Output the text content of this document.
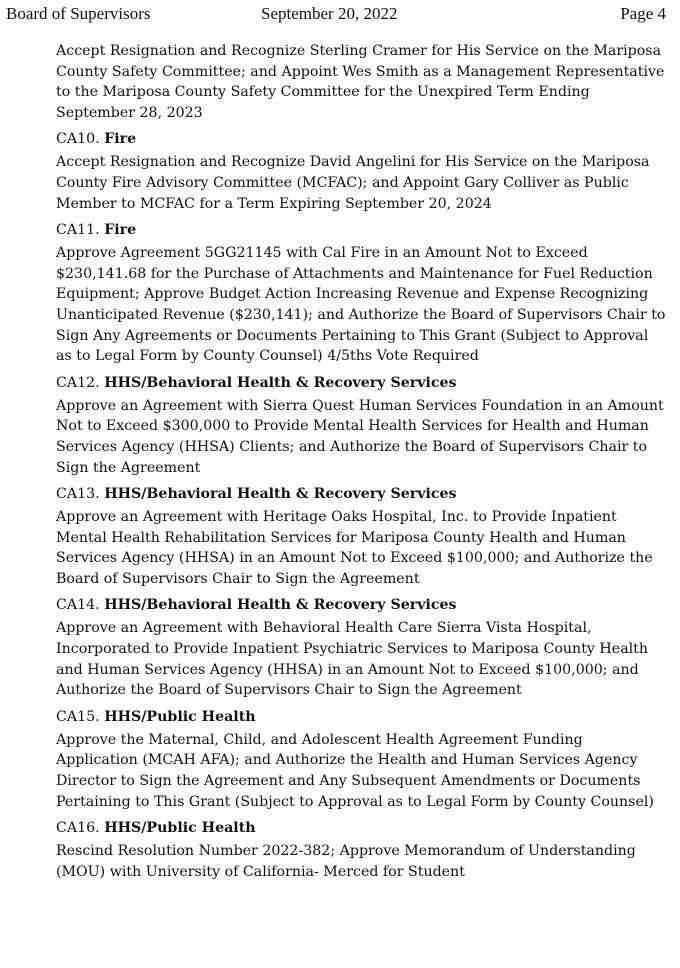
Board of Supervisors	September 20, 2022	Page 4

Accept Resignation and Recognize Sterling Cramer for His Service on the Mariposa County Safety Committee; and Appoint Wes Smith as a Management Representative to the Mariposa County Safety Committee for the Unexpired Term Ending September 28, 2023

CA10. Fire

Accept Resignation and Recognize David Angelini for His Service on the Mariposa County Fire Advisory Committee (MCFAC); and Appoint Gary Colliver as Public Member to MCFAC for a Term Expiring September 20, 2024

CA11. Fire

Approve Agreement 5GG21145 with Cal Fire in an Amount Not to Exceed $230,141.68 for the Purchase of Attachments and Maintenance for Fuel Reduction Equipment; Approve Budget Action Increasing Revenue and Expense Recognizing Unanticipated Revenue ($230,141); and Authorize the Board of Supervisors Chair to Sign Any Agreements or Documents Pertaining to This Grant (Subject to Approval as to Legal Form by County Counsel) 4/5ths Vote Required

CA12. HHS/Behavioral Health & Recovery Services

Approve an Agreement with Sierra Quest Human Services Foundation in an Amount Not to Exceed $300,000 to Provide Mental Health Services for Health and Human Services Agency (HHSA) Clients; and Authorize the Board of Supervisors Chair to Sign the Agreement

CA13. HHS/Behavioral Health & Recovery Services

Approve an Agreement with Heritage Oaks Hospital, Inc. to Provide Inpatient Mental Health Rehabilitation Services for Mariposa County Health and Human Services Agency (HHSA) in an Amount Not to Exceed $100,000; and Authorize the Board of Supervisors Chair to Sign the Agreement

CA14. HHS/Behavioral Health & Recovery Services

Approve an Agreement with Behavioral Health Care Sierra Vista Hospital, Incorporated to Provide Inpatient Psychiatric Services to Mariposa County Health and Human Services Agency (HHSA) in an Amount Not to Exceed $100,000; and Authorize the Board of Supervisors Chair to Sign the Agreement

CA15. HHS/Public Health

Approve the Maternal, Child, and Adolescent Health Agreement Funding Application (MCAH AFA); and Authorize the Health and Human Services Agency Director to Sign the Agreement and Any Subsequent Amendments or Documents Pertaining to This Grant (Subject to Approval as to Legal Form by County Counsel)

CA16. HHS/Public Health

Rescind Resolution Number 2022-382; Approve Memorandum of Understanding (MOU) with University of California- Merced for Student
